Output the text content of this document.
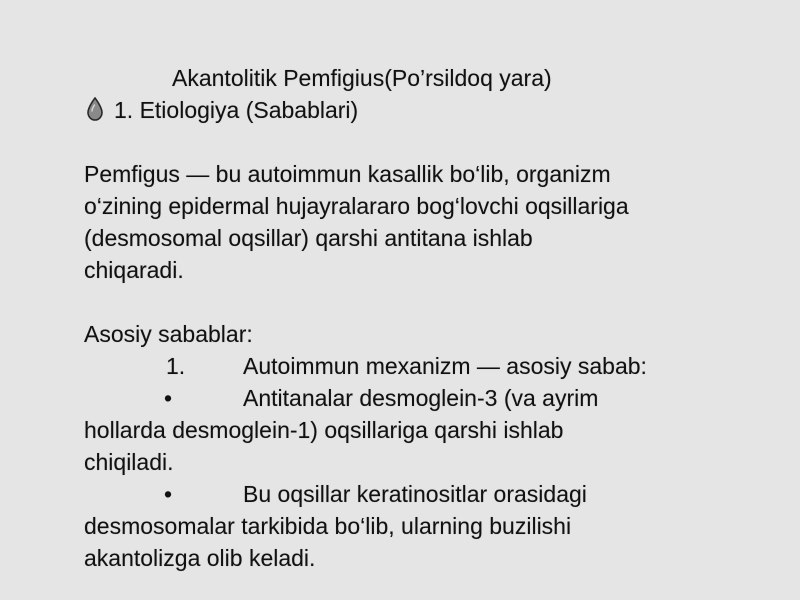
Akantolitik Pemfigius(Po’rsildoq yara)
1. Etiologiya (Sabablari)
Pemfigus — bu autoimmun kasallik bo‘lib, organizm
o‘zining epidermal hujayralararo bog‘lovchi oqsillariga
(desmosomal oqsillar) qarshi antitana ishlab
chiqaradi.
Asosiy sabablar:
1.	Autoimmun mexanizm — asosiy sabab:
•	Antitanalar desmoglein-3 (va ayrim
hollarda desmoglein-1) oqsillariga qarshi ishlab
chiqiladi.
•	Bu oqsillar keratinositlar orasidagi
desmosomalar tarkibida bo‘lib, ularning buzilishi
akantolizga olib keladi.
